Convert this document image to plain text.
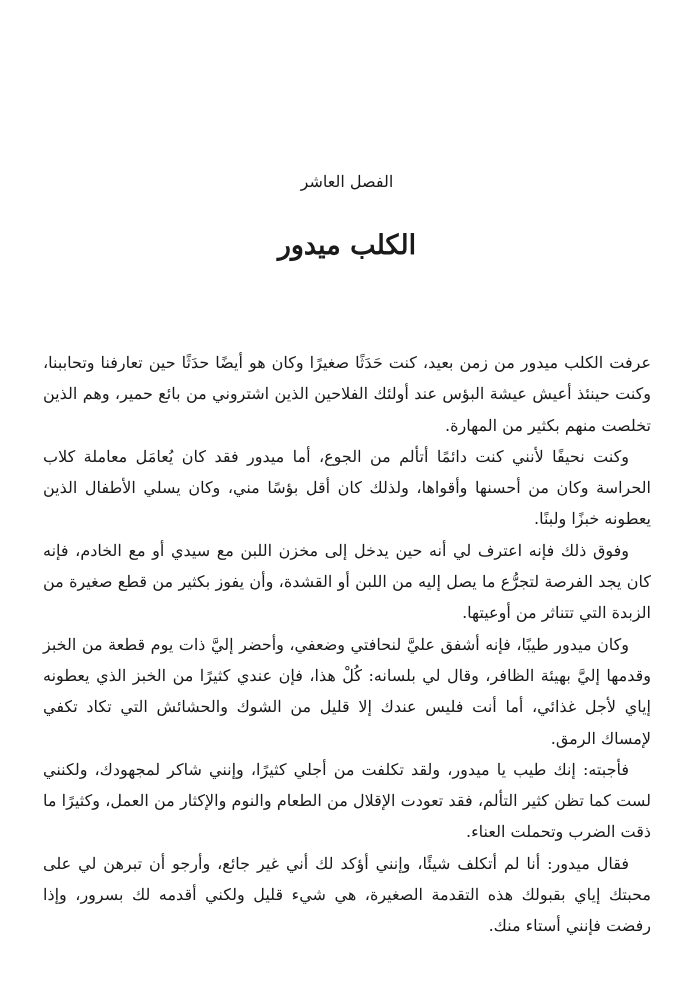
الفصل العاشر
الكلب ميدور

عرفت الكلب ميدور من زمن بعيد، كنت حَدَثًا صغيرًا وكان هو أيضًا حدَثًا حين تعارفنا وتحاببنا، وكنت حينئذ أعيش عيشة البؤس عند أولئك الفلاحين الذين اشتروني من بائع حمير، وهم الذين تخلصت منهم بكثير من المهارة.

وكنت نحيفًا لأنني كنت دائمًا أتألم من الجوع، أما ميدور فقد كان يُعامَل معاملة كلاب الحراسة وكان من أحسنها وأقواها، ولذلك كان أقل بؤسًا مني، وكان يسلي الأطفال الذين يعطونه خبزًا ولبنًا.

وفوق ذلك فإنه اعترف لي أنه حين يدخل إلى مخزن اللبن مع سيدي أو مع الخادم، فإنه كان يجد الفرصة لتجرُّع ما يصل إليه من اللبن أو القشدة، وأن يفوز بكثير من قطع صغيرة من الزبدة التي تتناثر من أوعيتها.

وكان ميدور طيبًا، فإنه أشفق عليَّ لنحافتي وضعفي، وأحضر إليَّ ذات يوم قطعة من الخبز وقدمها إليَّ بهيئة الظافر، وقال لي بلسانه: كُلْ هذا، فإن عندي كثيرًا من الخبز الذي يعطونه إياي لأجل غذائي، أما أنت فليس عندك إلا قليل من الشوك والحشائش التي تكاد تكفي لإمساك الرمق.

فأجبته: إنك طيب يا ميدور، ولقد تكلفت من أجلي كثيرًا، وإنني شاكر لمجهودك، ولكنني لست كما تظن كثير التألم، فقد تعودت الإقلال من الطعام والنوم والإكثار من العمل، وكثيرًا ما ذقت الضرب وتحملت العناء.

فقال ميدور: أنا لم أتكلف شيئًا، وإنني أؤكد لك أني غير جائع، وأرجو أن تبرهن لي على محبتك إياي بقبولك هذه التقدمة الصغيرة، هي شيء قليل ولكني أقدمه لك بسرور، وإذا رفضت فإنني أستاء منك.
